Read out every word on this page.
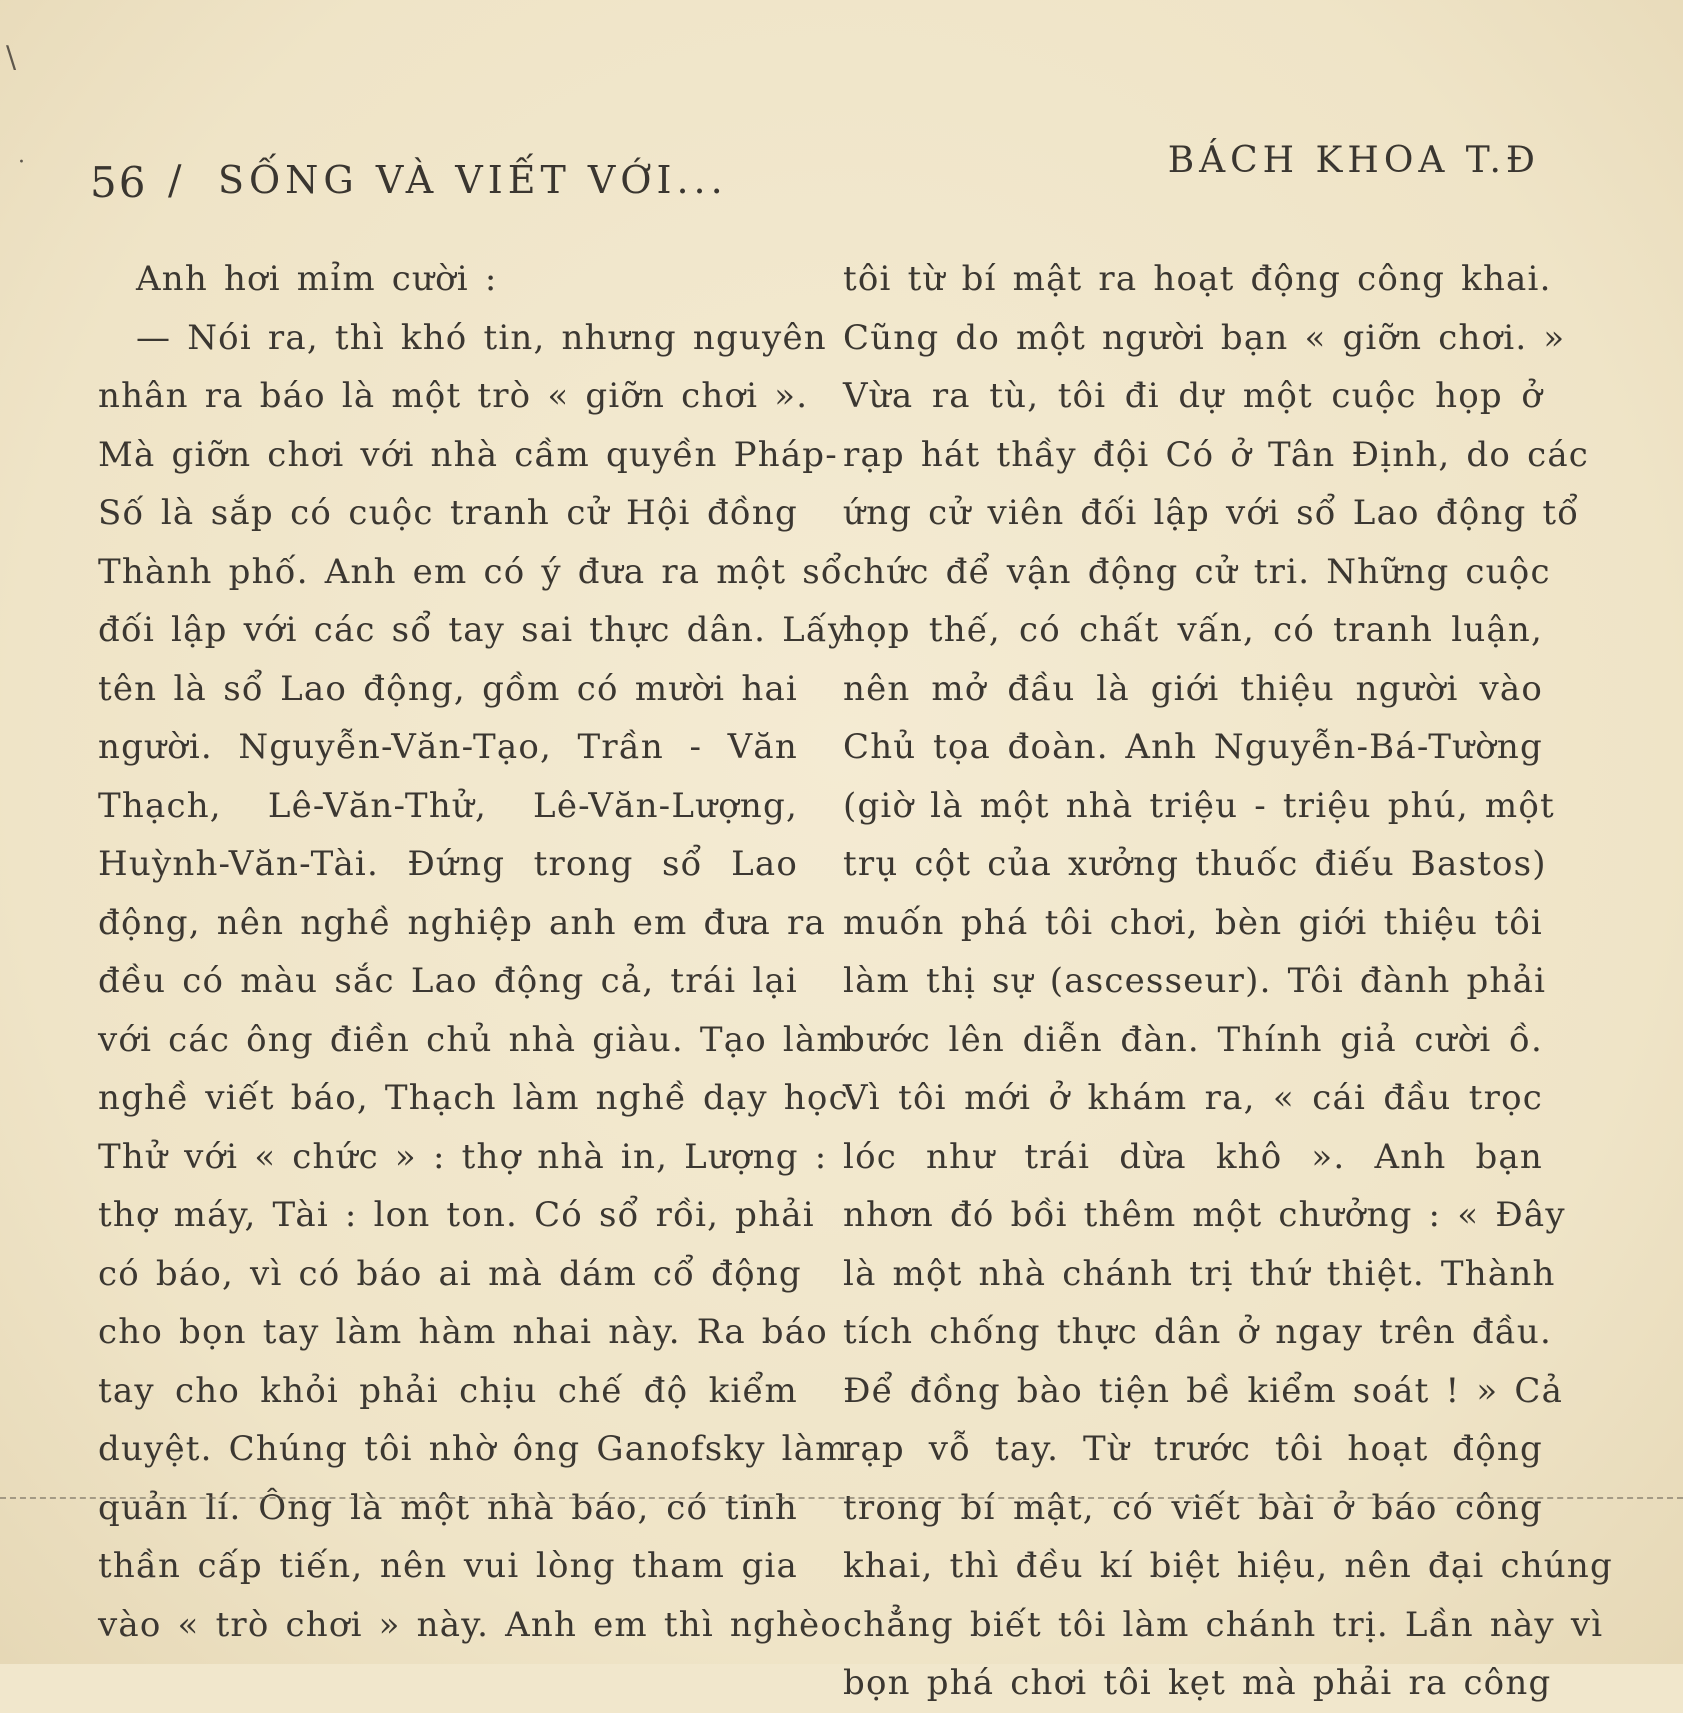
\
· 56 / SỐNG VÀ VIẾT VỚI...	BÁCH KHOA T.Đ
Anh hơi mỉm cười :
— Nói ra, thì khó tin, nhưng nguyên
nhân ra báo là một trò « giỡn chơi ».
Mà giỡn chơi với nhà cầm quyền Pháp-
Số là sắp có cuộc tranh cử Hội đồng
Thành phố. Anh em có ý đưa ra một sổ
đối lập với các sổ tay sai thực dân. Lấy
tên là sổ Lao động, gồm có mười hai
người. Nguyễn-Văn-Tạo, Trần - Văn
Thạch, Lê-Văn-Thử, Lê-Văn-Lượng,
Huỳnh-Văn-Tài. Đứng trong sổ Lao
động, nên nghề nghiệp anh em đưa ra
đều có màu sắc Lao động cả, trái lại
với các ông điền chủ nhà giàu. Tạo làm
nghề viết báo, Thạch làm nghề dạy học.
Thử với « chức » : thợ nhà in, Lượng :
thợ máy, Tài : lon ton. Có sổ rồi, phải
có báo, vì có báo ai mà dám cổ động
cho bọn tay làm hàm nhai này. Ra báo
tay cho khỏi phải chịu chế độ kiểm
duyệt. Chúng tôi nhờ ông Ganofsky làm
quản lí. Ông là một nhà báo, có tinh
thần cấp tiến, nên vui lòng tham gia
vào « trò chơi » này. Anh em thì nghèo
tôi từ bí mật ra hoạt động công khai.
Cũng do một người bạn « giỡn chơi. »
Vừa ra tù, tôi đi dự một cuộc họp ở
rạp hát thầy đội Có ở Tân Định, do các
ứng cử viên đối lập với sổ Lao động tổ
chức để vận động cử tri. Những cuộc
họp thế, có chất vấn, có tranh luận,
nên mở đầu là giới thiệu người vào
Chủ tọa đoàn. Anh Nguyễn-Bá-Tường
(giờ là một nhà triệu - triệu phú, một
trụ cột của xưởng thuốc điếu Bastos)
muốn phá tôi chơi, bèn giới thiệu tôi
làm thị sự (ascesseur). Tôi đành phải
bước lên diễn đàn. Thính giả cười ồ.
Vì tôi mới ở khám ra, « cái đầu trọc
lóc như trái dừa khô ». Anh bạn
nhơn đó bồi thêm một chưởng : « Đây
là một nhà chánh trị thứ thiệt. Thành
tích chống thực dân ở ngay trên đầu.
Để đồng bào tiện bề kiểm soát ! » Cả
rạp vỗ tay. Từ trước tôi hoạt động
trong bí mật, có viết bài ở báo công
khai, thì đều kí biệt hiệu, nên đại chúng
chẳng biết tôi làm chánh trị. Lần này vì
bọn phá chơi tôi kẹt mà phải ra công
